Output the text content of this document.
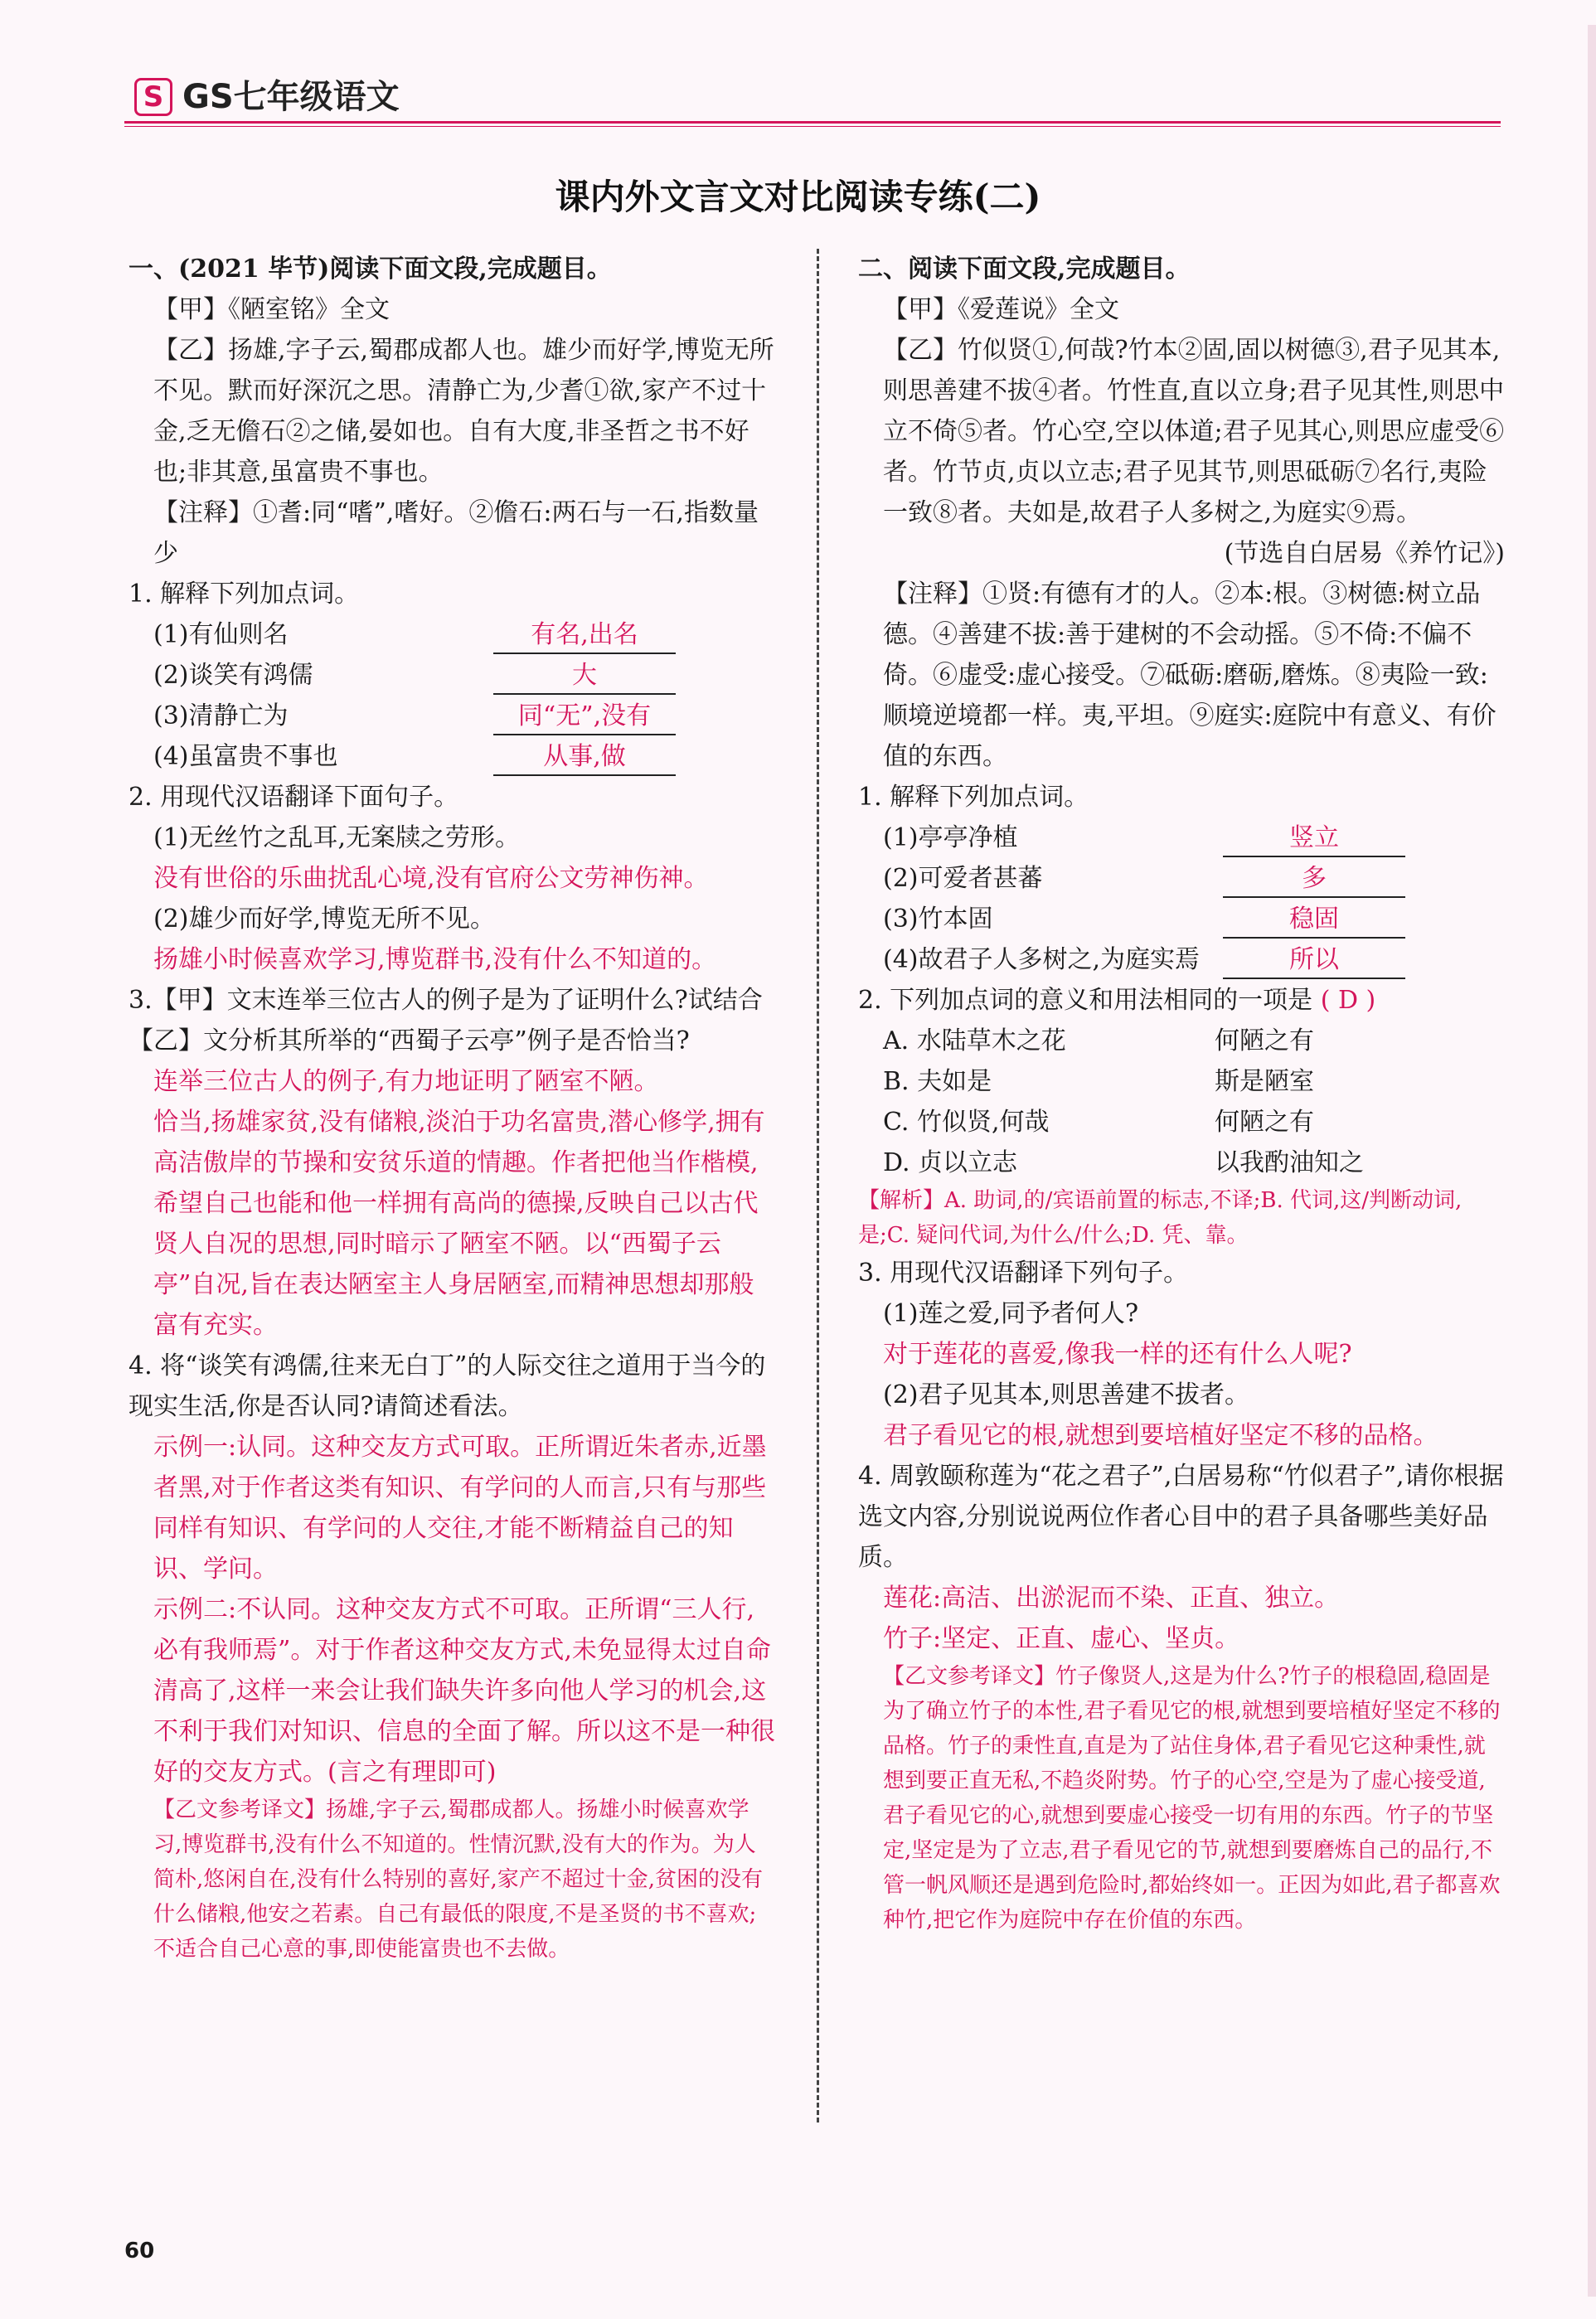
S GS七年级语文
课内外文言文对比阅读专练(二)

一、(2021 毕节)阅读下面文段,完成题目。

【甲】《陋室铭》全文

【乙】扬雄,字子云,蜀郡成都人也。雄少而好学,博览无所不见。默而好深沉之思。清静亡为,少耆①欲,家产不过十金,乏无儋石②之储,晏如也。自有大度,非圣哲之书不好也;非其意,虽富贵不事也。

【注释】①耆:同“嗜”,嗜好。②儋石:两石与一石,指数量少

1. 解释下列加点词。

(1)有仙则名	有名,出名
(2)谈笑有鸿儒	大
(3)清静亡为	同“无”,没有
(4)虽富贵不事也	从事,做

2. 用现代汉语翻译下面句子。

(1)无丝竹之乱耳,无案牍之劳形。

没有世俗的乐曲扰乱心境,没有官府公文劳神伤神。

(2)雄少而好学,博览无所不见。

扬雄小时候喜欢学习,博览群书,没有什么不知道的。

3.【甲】文末连举三位古人的例子是为了证明什么?试结合【乙】文分析其所举的“西蜀子云亭”例子是否恰当?

连举三位古人的例子,有力地证明了陋室不陋。

恰当,扬雄家贫,没有储粮,淡泊于功名富贵,潜心修学,拥有高洁傲岸的节操和安贫乐道的情趣。作者把他当作楷模,希望自己也能和他一样拥有高尚的德操,反映自己以古代贤人自况的思想,同时暗示了陋室不陋。以“西蜀子云亭”自况,旨在表达陋室主人身居陋室,而精神思想却那般富有充实。

4. 将“谈笑有鸿儒,往来无白丁”的人际交往之道用于当今的现实生活,你是否认同?请简述看法。

示例一:认同。这种交友方式可取。正所谓近朱者赤,近墨者黑,对于作者这类有知识、有学问的人而言,只有与那些同样有知识、有学问的人交往,才能不断精益自己的知识、学问。

示例二:不认同。这种交友方式不可取。正所谓“三人行,必有我师焉”。对于作者这种交友方式,未免显得太过自命清高了,这样一来会让我们缺失许多向他人学习的机会,这不利于我们对知识、信息的全面了解。所以这不是一种很好的交友方式。(言之有理即可)

【乙文参考译文】扬雄,字子云,蜀郡成都人。扬雄小时候喜欢学习,博览群书,没有什么不知道的。性情沉默,没有大的作为。为人简朴,悠闲自在,没有什么特别的喜好,家产不超过十金,贫困的没有什么储粮,他安之若素。自己有最低的限度,不是圣贤的书不喜欢;不适合自己心意的事,即使能富贵也不去做。

二、阅读下面文段,完成题目。

【甲】《爱莲说》全文

【乙】竹似贤①,何哉?竹本②固,固以树德③,君子见其本,则思善建不拔④者。竹性直,直以立身;君子见其性,则思中立不倚⑤者。竹心空,空以体道;君子见其心,则思应虚受⑥者。竹节贞,贞以立志;君子见其节,则思砥砺⑦名行,夷险一致⑧者。夫如是,故君子人多树之,为庭实⑨焉。

(节选自白居易《养竹记》)

【注释】①贤:有德有才的人。②本:根。③树德:树立品德。④善建不拔:善于建树的不会动摇。⑤不倚:不偏不倚。⑥虚受:虚心接受。⑦砥砺:磨砺,磨炼。⑧夷险一致:顺境逆境都一样。夷,平坦。⑨庭实:庭院中有意义、有价值的东西。

1. 解释下列加点词。

(1)亭亭净植	竖立
(2)可爱者甚蕃	多
(3)竹本固	稳固
(4)故君子人多树之,为庭实焉	所以

2. 下列加点词的意义和用法相同的一项是 ( D )

A. 水陆草木之花	何陋之有
B. 夫如是	斯是陋室
C. 竹似贤,何哉	何陋之有
D. 贞以立志	以我酌油知之

【解析】A. 助词,的/宾语前置的标志,不译;B. 代词,这/判断动词,是;C. 疑问代词,为什么/什么;D. 凭、靠。

3. 用现代汉语翻译下列句子。

(1)莲之爱,同予者何人?

对于莲花的喜爱,像我一样的还有什么人呢?

(2)君子见其本,则思善建不拔者。

君子看见它的根,就想到要培植好坚定不移的品格。

4. 周敦颐称莲为“花之君子”,白居易称“竹似君子”,请你根据选文内容,分别说说两位作者心目中的君子具备哪些美好品质。

莲花:高洁、出淤泥而不染、正直、独立。

竹子:坚定、正直、虚心、坚贞。

【乙文参考译文】竹子像贤人,这是为什么?竹子的根稳固,稳固是为了确立竹子的本性,君子看见它的根,就想到要培植好坚定不移的品格。竹子的秉性直,直是为了站住身体,君子看见它这种秉性,就想到要正直无私,不趋炎附势。竹子的心空,空是为了虚心接受道,君子看见它的心,就想到要虚心接受一切有用的东西。竹子的节坚定,坚定是为了立志,君子看见它的节,就想到要磨炼自己的品行,不管一帆风顺还是遇到危险时,都始终如一。正因为如此,君子都喜欢种竹,把它作为庭院中存在价值的东西。

60
